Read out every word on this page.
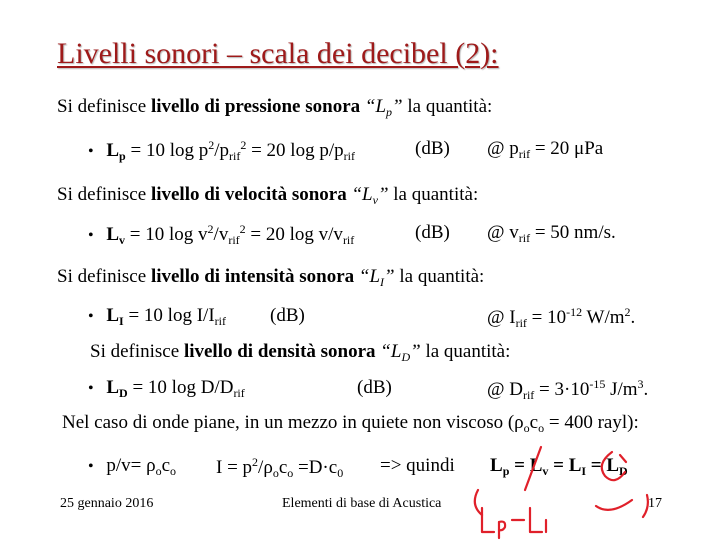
Livelli sonori – scala dei decibel (2):
Si definisce livello di pressione sonora “$L_p$” la quantità:
• $L_p = 10$ $\log p^2/p_{rif}^2 = 20$ $\log p/p_{rif}$	(dB) @ $p_{rif} = 20$ μPa
Si definisce livello di velocità sonora “$L_v$” la quantità:
• $L_v = 10$ $\log v^2/v_{rif}^2 = 20$ $\log v/v_{rif}$	(dB) @ $v_{rif} = 50$ nm/s.
Si definisce livello di intensità sonora “$L_I$” la quantità:
• $L_I = 10$ $\log I/I_{rif}$ (dB)	@ $I_{rif} = 10^{-12}$ $W/m^2$.
Si definisce livello di densità sonora “$L_D$” la quantità:
• $L_D = 10$ $\log D/D_{rif}$	(dB)	@ $D_{rif} = 3\cdot 10^{-15}$ $J/m^3$.
Nel caso di onde piane, in un mezzo in quiete non viscoso ($\rho_oc_o = 400$ rayl):
• $p/v= \rho_oc_o$ $I = p^2/\rho_oc_o =D\cdot c_0$ => quindi $L_p = L_v = L_I = L_D$
25 gennaio 2016	Elementi di base di Acustica	17
